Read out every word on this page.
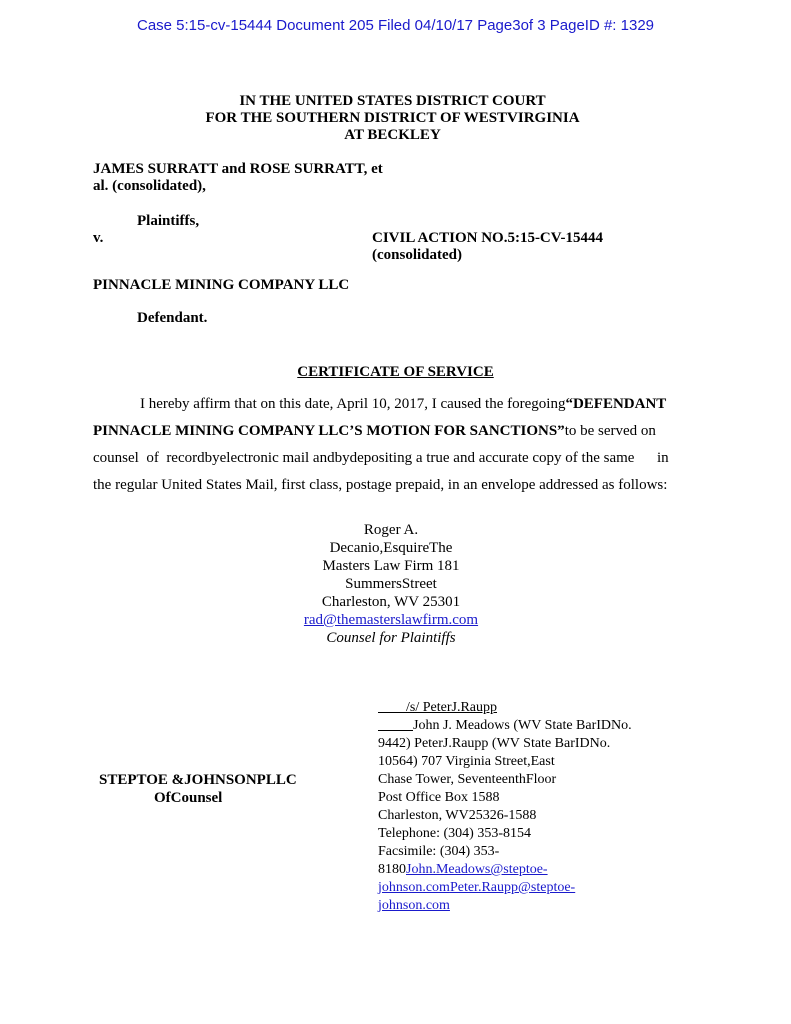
Case 5:15-cv-15444 Document 205 Filed 04/10/17 Page3of 3 PageID #: 1329
IN THE UNITED STATES DISTRICT COURT
FOR THE SOUTHERN DISTRICT OF WESTVIRGINIA
AT BECKLEY
JAMES SURRATT and ROSE SURRATT, et
al. (consolidated),
Plaintiffs,
v.	CIVIL ACTION NO.5:15-CV-15444
(consolidated)
PINNACLE MINING COMPANY LLC
Defendant.
CERTIFICATE OF SERVICE
I hereby affirm that on this date, April 10, 2017, I caused the foregoing“DEFENDANT
PINNACLE MINING COMPANY LLC’S MOTION FOR SANCTIONS”to be served on
counsel  of  recordbyelectronic mail andbydepositing a true and accurate copy of the same      in
the regular United States Mail, first class, postage prepaid, in an envelope addressed as follows:
Roger A.
Decanio,EsquireThe
Masters Law Firm 181
SummersStreet
Charleston, WV 25301
rad@themasterslawfirm.com
Counsel for Plaintiffs
/s/ PeterJ.Raupp
John J. Meadows (WV State BarIDNo.
9442) PeterJ.Raupp (WV State BarIDNo.
10564) 707 Virginia Street,East
Chase Tower, SeventeenthFloor
Post Office Box 1588
Charleston, WV25326-1588
Telephone: (304) 353-8154
Facsimile: (304) 353-
8180John.Meadows@steptoe-
johnson.comPeter.Raupp@steptoe-
johnson.com
STEPTOE &JOHNSONPLLC
OfCounsel
